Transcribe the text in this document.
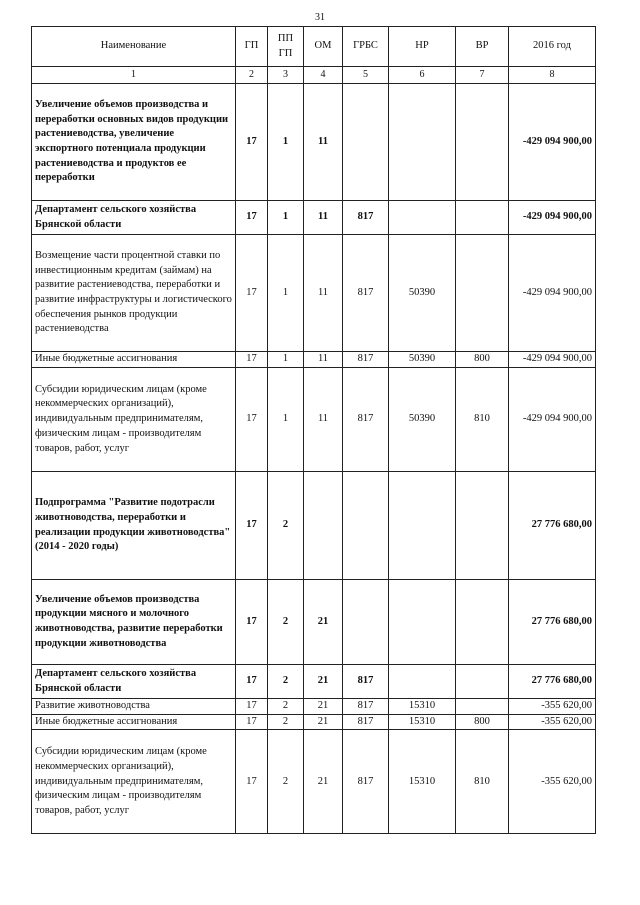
31
Наименование	ГП	ПП ГП	ОМ	ГРБС	НР	ВР	2016 год
1	2	3	4	5	6	7	8
Увеличение объемов производства и переработки основных видов продукции растениеводства, увеличение экспортного потенциала продукции растениеводства и продуктов ее переработки	17	1	11				-429 094 900,00
Департамент сельского хозяйства Брянской области	17	1	11	817			-429 094 900,00
Возмещение части процентной ставки по инвестиционным кредитам (займам) на развитие растениеводства, переработки и развитие инфраструктуры и логистического обеспечения рынков продукции растениеводства	17	1	11	817	50390		-429 094 900,00
Иные бюджетные ассигнования	17	1	11	817	50390	800	-429 094 900,00
Субсидии юридическим лицам (кроме некоммерческих организаций), индивидуальным предпринимателям, физическим лицам - производителям товаров, работ, услуг	17	1	11	817	50390	810	-429 094 900,00
Подпрограмма "Развитие подотрасли животноводства, переработки и реализации продукции животноводства" (2014 - 2020 годы)	17	2					27 776 680,00
Увеличение объемов производства продукции мясного и молочного животноводства, развитие переработки продукции животноводства	17	2	21				27 776 680,00
Департамент сельского хозяйства Брянской области	17	2	21	817			27 776 680,00
Развитие животноводства	17	2	21	817	15310		-355 620,00
Иные бюджетные ассигнования	17	2	21	817	15310	800	-355 620,00
Субсидии юридическим лицам (кроме некоммерческих организаций), индивидуальным предпринимателям, физическим лицам - производителям товаров, работ, услуг	17	2	21	817	15310	810	-355 620,00
